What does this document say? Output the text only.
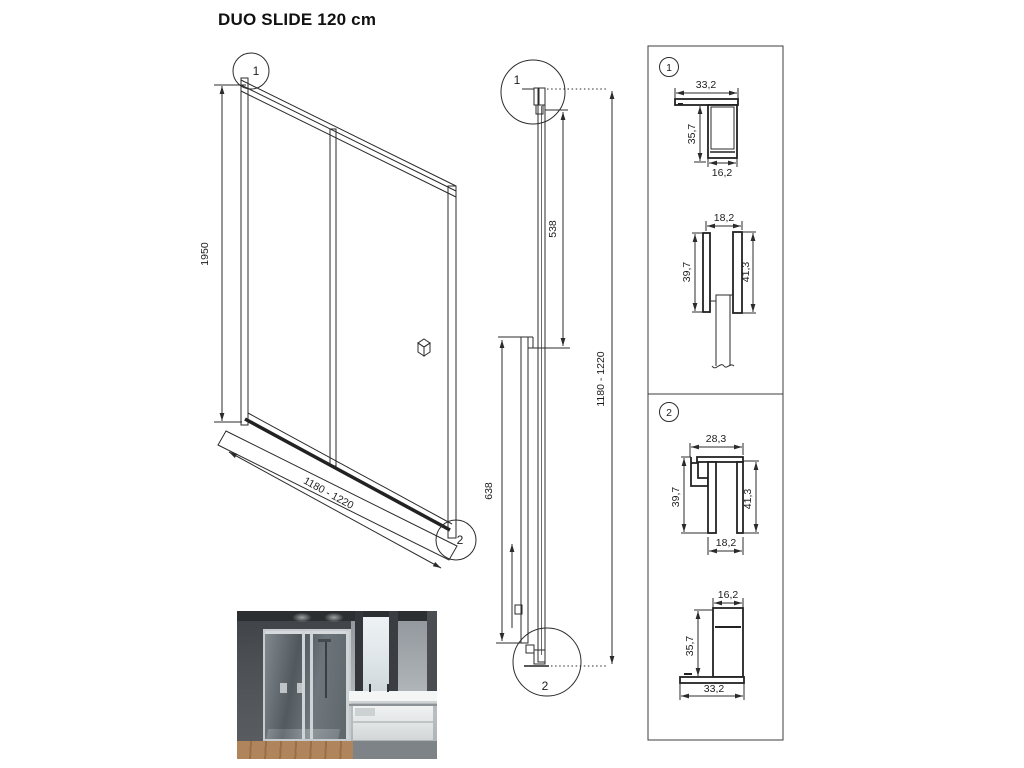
DUO SLIDE 120 cm
1950
1180 - 1220
1
2
538
638
1180 - 1220
1
2
1
33,2
35,7
16,2
18,2
39,7	41,3
2
28,3
39,7	41,3
18,2
16,2
35,7
33,2
